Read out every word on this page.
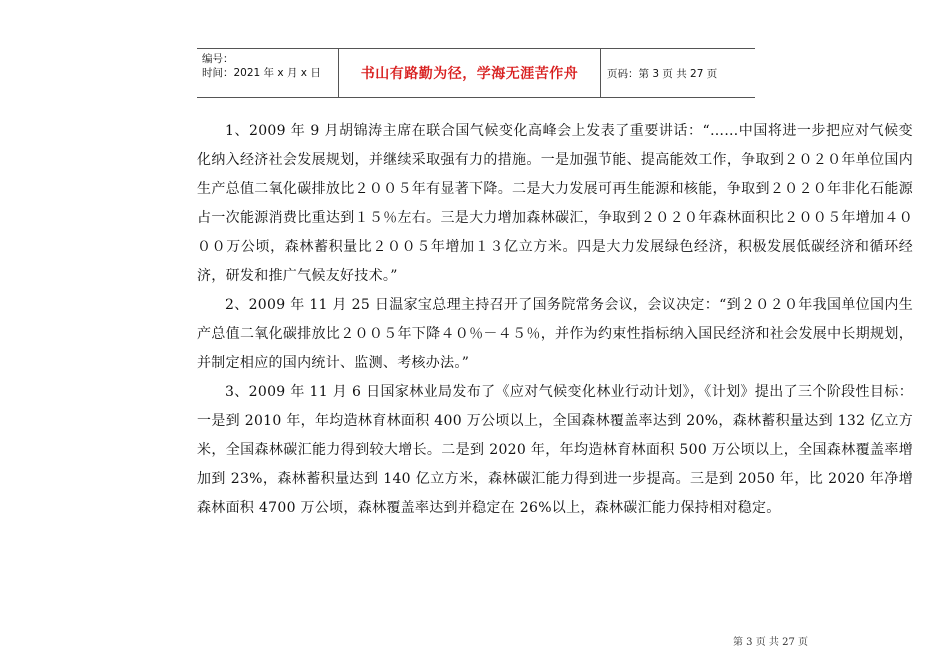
编号：
时间：2021 年 x 月 x 日	书山有路勤为径，学海无涯苦作舟	页码：第 3 页 共 27 页

1、2009 年 9 月胡锦涛主席在联合国气候变化高峰会上发表了重要讲话：“……中国将进一步把应对气候变化纳入经济社会发展规划，并继续采取强有力的措施。一是加强节能、提高能效工作，争取到２０２０年单位国内生产总值二氧化碳排放比２００５年有显著下降。二是大力发展可再生能源和核能，争取到２０２０年非化石能源占一次能源消费比重达到１５％左右。三是大力增加森林碳汇，争取到２０２０年森林面积比２００５年增加４０００万公顷，森林蓄积量比２００５年增加１３亿立方米。四是大力发展绿色经济，积极发展低碳经济和循环经济，研发和推广气候友好技术。”

2、2009 年 11 月 25 日温家宝总理主持召开了国务院常务会议，会议决定：“到２０２０年我国单位国内生产总值二氧化碳排放比２００５年下降４０％－４５％，并作为约束性指标纳入国民经济和社会发展中长期规划，并制定相应的国内统计、监测、考核办法。”

3、2009 年 11 月 6 日国家林业局发布了《应对气候变化林业行动计划》，《计划》提出了三个阶段性目标：一是到 2010 年，年均造林育林面积 400 万公顷以上，全国森林覆盖率达到 20%，森林蓄积量达到 132 亿立方米，全国森林碳汇能力得到较大增长。二是到 2020 年，年均造林育林面积 500 万公顷以上，全国森林覆盖率增加到 23%，森林蓄积量达到 140 亿立方米，森林碳汇能力得到进一步提高。三是到 2050 年，比 2020 年净增森林面积 4700 万公顷，森林覆盖率达到并稳定在 26%以上，森林碳汇能力保持相对稳定。

第 3 页 共 27 页
